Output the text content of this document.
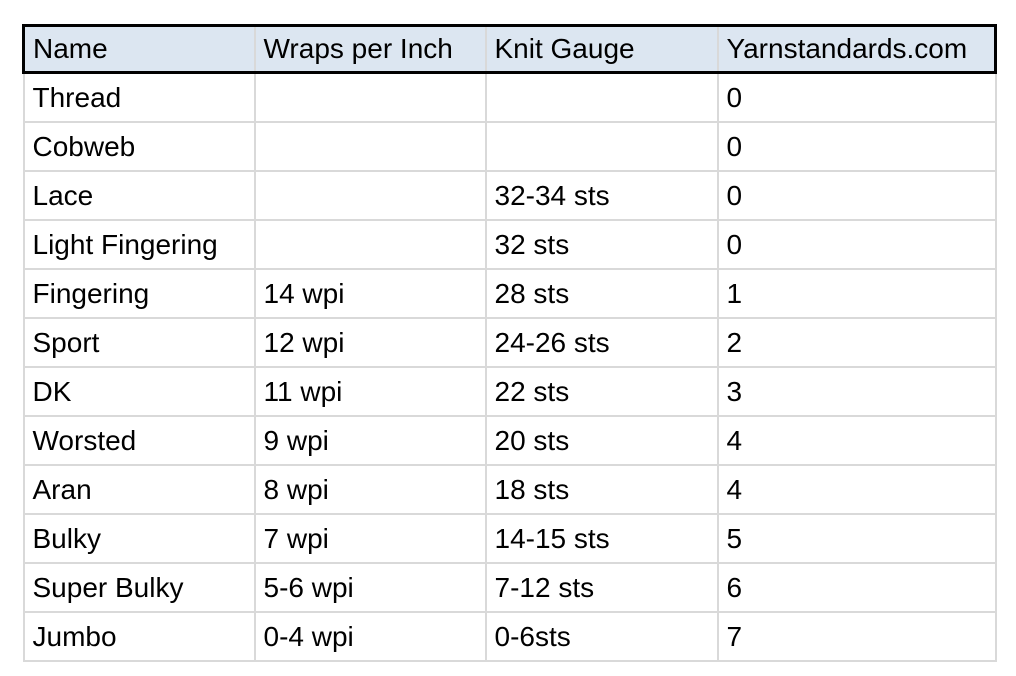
Name	Wraps per Inch	Knit Gauge	Yarnstandards.com
Thread			0
Cobweb			0
Lace		32-34 sts	0
Light Fingering		32 sts	0
Fingering	14 wpi	28 sts	1
Sport	12 wpi	24-26 sts	2
DK	11 wpi	22 sts	3
Worsted	9 wpi	20 sts	4
Aran	8 wpi	18 sts	4
Bulky	7 wpi	14-15 sts	5
Super Bulky	5-6 wpi	7-12 sts	6
Jumbo	0-4 wpi	0-6sts	7
